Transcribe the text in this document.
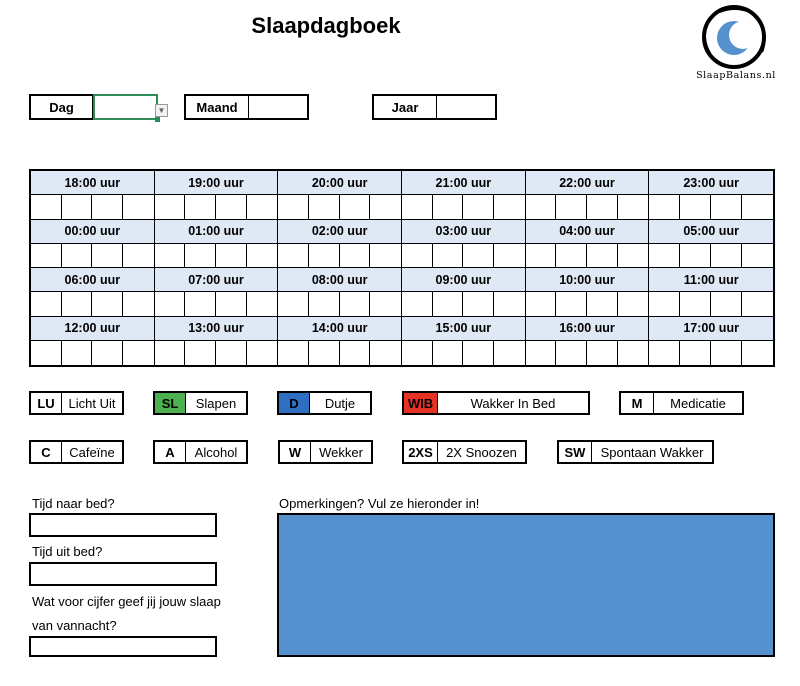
Slaapdagboek
SlaapBalans.nl
Dag	▼	Maand	Jaar
18:00 uur	19:00 uur	20:00 uur	21:00 uur	22:00 uur	23:00 uur
00:00 uur	01:00 uur	02:00 uur	03:00 uur	04:00 uur	05:00 uur
06:00 uur	07:00 uur	08:00 uur	09:00 uur	10:00 uur	11:00 uur
12:00 uur	13:00 uur	14:00 uur	15:00 uur	16:00 uur	17:00 uur
LU	Licht Uit	SL	Slapen	D	Dutje	WIB	Wakker In Bed	M	Medicatie
C	Cafeïne	A	Alcohol	W	Wekker	2XS	2X Snoozen	SW	Spontaan Wakker
Tijd naar bed?
Tijd uit bed?
Wat voor cijfer geef jij jouw slaap
van vannacht?
Opmerkingen? Vul ze hieronder in!
